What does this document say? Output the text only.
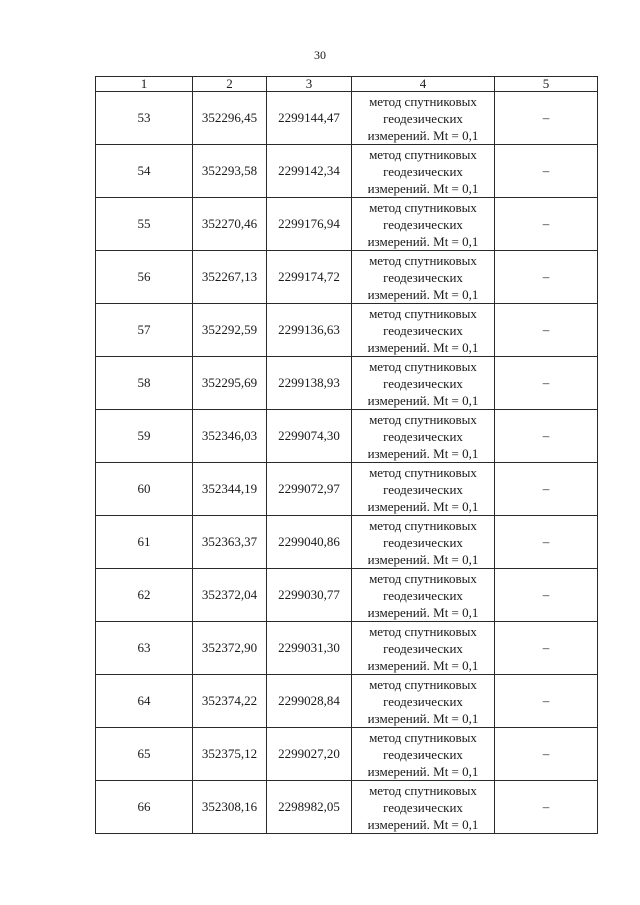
30
1	2	3	4	5
53	352296,45	2299144,47	метод спутниковых
геодезических
измерений. Mt = 0,1	–
54	352293,58	2299142,34	метод спутниковых
геодезических
измерений. Mt = 0,1	–
55	352270,46	2299176,94	метод спутниковых
геодезических
измерений. Mt = 0,1	–
56	352267,13	2299174,72	метод спутниковых
геодезических
измерений. Mt = 0,1	–
57	352292,59	2299136,63	метод спутниковых
геодезических
измерений. Mt = 0,1	–
58	352295,69	2299138,93	метод спутниковых
геодезических
измерений. Mt = 0,1	–
59	352346,03	2299074,30	метод спутниковых
геодезических
измерений. Mt = 0,1	–
60	352344,19	2299072,97	метод спутниковых
геодезических
измерений. Mt = 0,1	–
61	352363,37	2299040,86	метод спутниковых
геодезических
измерений. Mt = 0,1	–
62	352372,04	2299030,77	метод спутниковых
геодезических
измерений. Mt = 0,1	–
63	352372,90	2299031,30	метод спутниковых
геодезических
измерений. Mt = 0,1	–
64	352374,22	2299028,84	метод спутниковых
геодезических
измерений. Mt = 0,1	–
65	352375,12	2299027,20	метод спутниковых
геодезических
измерений. Mt = 0,1	–
66	352308,16	2298982,05	метод спутниковых
геодезических
измерений. Mt = 0,1	–
